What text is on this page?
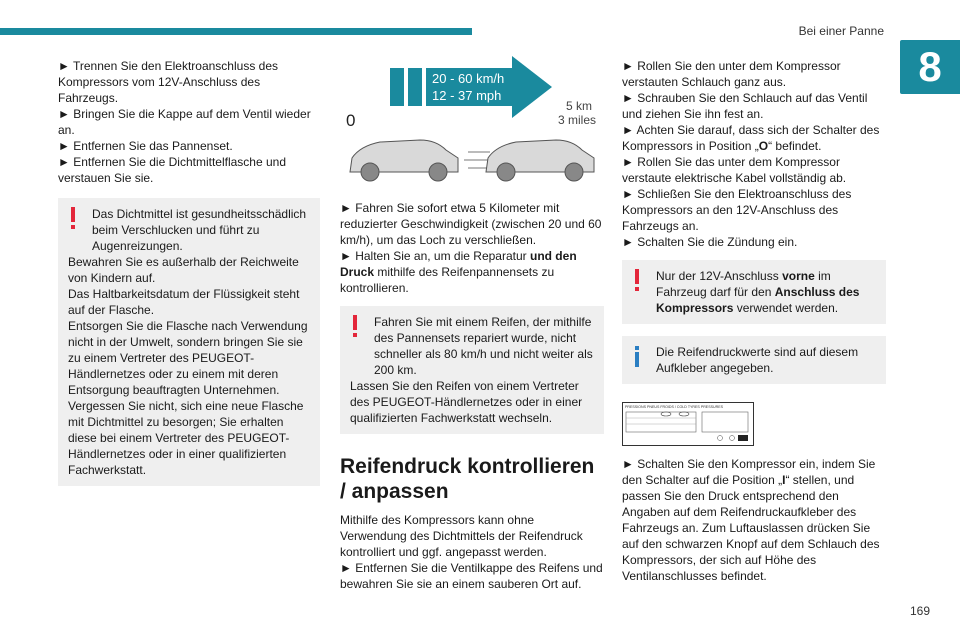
Bei einer Panne
8

► Trennen Sie den Elektroanschluss des Kompressors vom 12V-Anschluss des Fahrzeugs.

► Bringen Sie die Kappe auf dem Ventil wieder an.

► Entfernen Sie das Pannenset.

► Entfernen Sie die Dichtmittelflasche und verstauen Sie sie.

Das Dichtmittel ist gesundheitsschädlich beim Verschlucken und führt zu Augenreizungen.

Bewahren Sie es außerhalb der Reichweite von Kindern auf.

Das Haltbarkeitsdatum der Flüssigkeit steht auf der Flasche.

Entsorgen Sie die Flasche nach Verwendung nicht in der Umwelt, sondern bringen Sie sie zu einem Vertreter des PEUGEOT-Händlernetzes oder zu einem mit deren Entsorgung beauftragten Unternehmen.

Vergessen Sie nicht, sich eine neue Flasche mit Dichtmittel zu besorgen; Sie erhalten diese bei einem Vertreter des PEUGEOT-Händlernetzes oder in einer qualifizierten Fachwerkstatt.

20 - 60 km/h
12 - 37 mph
0
5 km
3 miles

► Fahren Sie sofort etwa 5 Kilometer mit reduzierter Geschwindigkeit (zwischen 20 und 60 km/h), um das Loch zu verschließen.

► Halten Sie an, um die Reparatur und den Druck mithilfe des Reifenpannensets zu kontrollieren.

Fahren Sie mit einem Reifen, der mithilfe des Pannensets repariert wurde, nicht schneller als 80 km/h und nicht weiter als 200 km.

Lassen Sie den Reifen von einem Vertreter des PEUGEOT-Händlernetzes oder in einer qualifizierten Fachwerkstatt wechseln.

Reifendruck kontrollieren / anpassen

Mithilfe des Kompressors kann ohne Verwendung des Dichtmittels der Reifendruck kontrolliert und ggf. angepasst werden.

► Entfernen Sie die Ventilkappe des Reifens und bewahren Sie sie an einem sauberen Ort auf.

► Rollen Sie den unter dem Kompressor verstauten Schlauch ganz aus.

► Schrauben Sie den Schlauch auf das Ventil und ziehen Sie ihn fest an.

► Achten Sie darauf, dass sich der Schalter des Kompressors in Position „O“ befindet.

► Rollen Sie das unter dem Kompressor verstaute elektrische Kabel vollständig ab.

► Schließen Sie den Elektroanschluss des Kompressors an den 12V-Anschluss des Fahrzeugs an.

► Schalten Sie die Zündung ein.

Nur der 12V-Anschluss vorne im Fahrzeug darf für den Anschluss des Kompressors verwendet werden.

Die Reifendruckwerte sind auf diesem Aufkleber angegeben.

PRESSIONS PNEUS FROIDS / COLD TYRES PRESSURES

► Schalten Sie den Kompressor ein, indem Sie den Schalter auf die Position „I“ stellen, und passen Sie den Druck entsprechend den Angaben auf dem Reifendruckaufkleber des Fahrzeugs an. Zum Luftauslassen drücken Sie auf den schwarzen Knopf auf dem Schlauch des Kompressors, der sich auf Höhe des Ventilanschlusses befindet.

169
